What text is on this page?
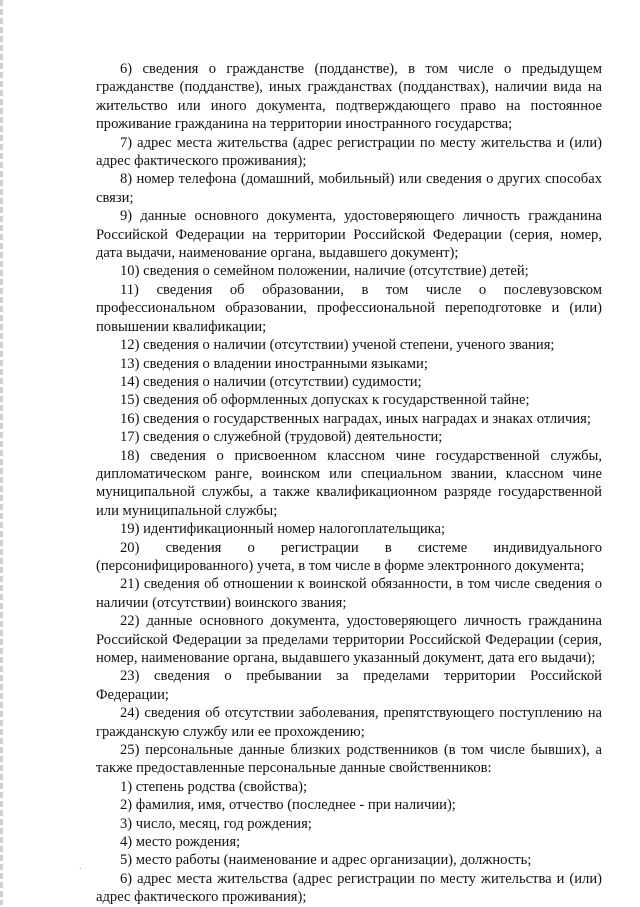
6) сведения о гражданстве (подданстве), в том числе о предыдущем гражданстве (подданстве), иных гражданствах (подданствах), наличии вида на жительство или иного документа, подтверждающего право на постоянное проживание гражданина на территории иностранного государства;

7) адрес места жительства (адрес регистрации по месту жительства и (или) адрес фактического проживания);

8) номер телефона (домашний, мобильный) или сведения о других способах связи;

9) данные основного документа, удостоверяющего личность гражданина Российской Федерации на территории Российской Федерации (серия, номер, дата выдачи, наименование органа, выдавшего документ);

10) сведения о семейном положении, наличие (отсутствие) детей;

11) сведения об образовании, в том числе о послевузовском профессиональном образовании, профессиональной переподготовке и (или) повышении квалификации;

12) сведения о наличии (отсутствии) ученой степени, ученого звания;

13) сведения о владении иностранными языками;

14) сведения о наличии (отсутствии) судимости;

15) сведения об оформленных допусках к государственной тайне;

16) сведения о государственных наградах, иных наградах и знаках отличия;

17) сведения о служебной (трудовой) деятельности;

18) сведения о присвоенном классном чине государственной службы, дипломатическом ранге, воинском или специальном звании, классном чине муниципальной службы, а также квалификационном разряде государственной или муниципальной службы;

19) идентификационный номер налогоплательщика;

20) сведения о регистрации в системе индивидуального (персонифицированного) учета, в том числе в форме электронного документа;

21) сведения об отношении к воинской обязанности, в том числе сведения о наличии (отсутствии) воинского звания;

22) данные основного документа, удостоверяющего личность гражданина Российской Федерации за пределами территории Российской Федерации (серия, номер, наименование органа, выдавшего указанный документ, дата его выдачи);

23) сведения о пребывании за пределами территории Российской Федерации;

24) сведения об отсутствии заболевания, препятствующего поступлению на гражданскую службу или ее прохождению;

25) персональные данные близких родственников (в том числе бывших), а также предоставленные персональные данные свойственников:

1) степень родства (свойства);

2) фамилия, имя, отчество (последнее - при наличии);

3) число, месяц, год рождения;

4) место рождения;

5) место работы (наименование и адрес организации), должность;

6) адрес места жительства (адрес регистрации по месту жительства и (или) адрес фактического проживания);

˙
